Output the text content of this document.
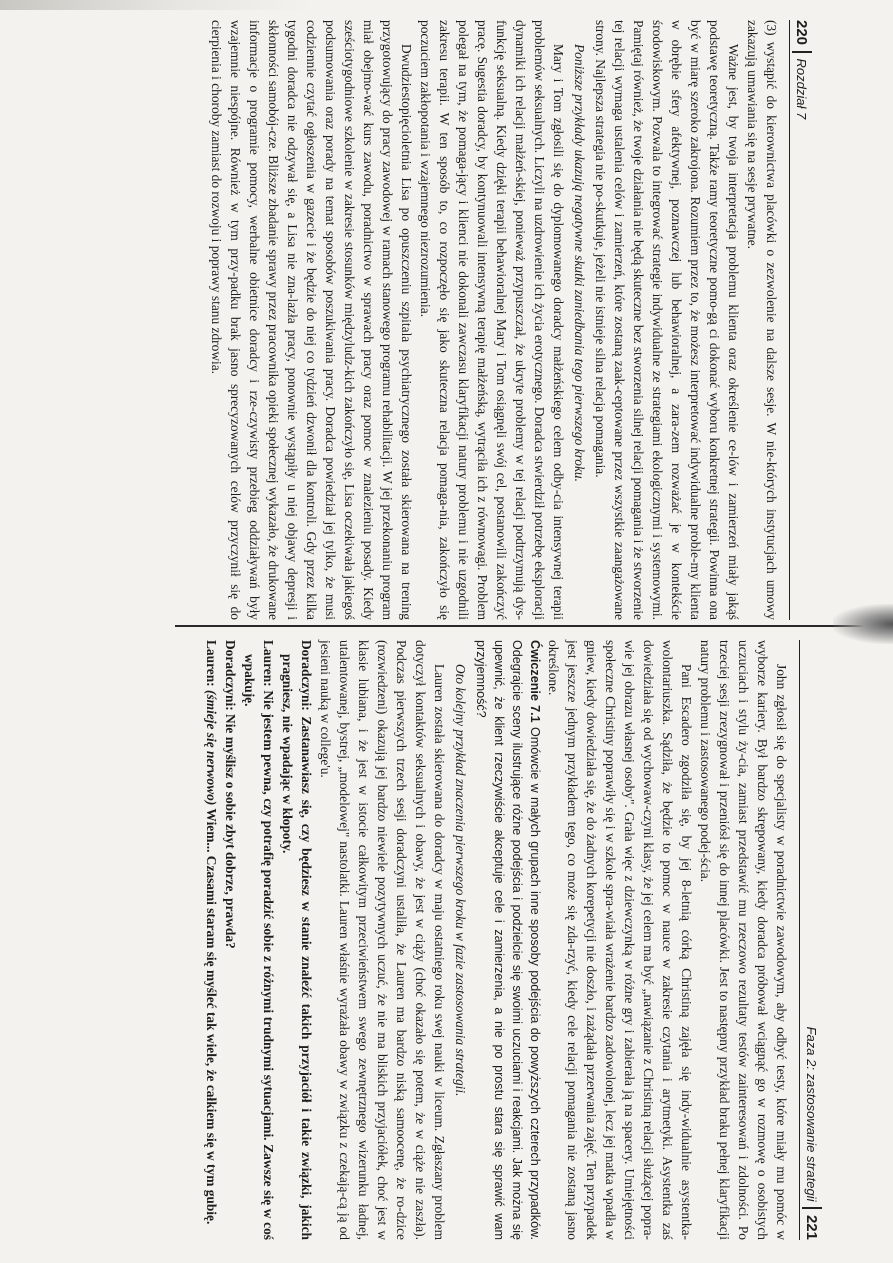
220
Rozdział 7

(3) wystąpić do kierownictwa placówki o zezwolenie na dalsze sesje. W nie-których instytucjach umowy zakazują umawiania się na sesje prywatne.

Ważne jest, by twoja interpretacja problemu klienta oraz określenie ce-lów i zamierzeń miały jakąś podstawę teoretyczną. Także ramy teoretyczne pomo-gą ci dokonać wyboru konkretnej strategii. Powinna ona być w miarę szeroko zakrojona. Rozumiem przez to, że możesz interpretować indywidualne proble-my klienta w obrębie sfery afektywnej, poznawczej lub behawioralnej, a zara-zem rozważać je w kontekście środowiskowym. Pozwala to integrować strategie indywidualne ze strategiami ekologicznymi i systemowymi. Pamiętaj również, że twoje działania nie będą skuteczne bez stworzenia silnej relacji pomagania i że stworzenie tej relacji wymaga ustalenia celów i zamierzeń, które zostaną zaak-ceptowane przez wszystkie zaangażowane strony. Najlepsza strategia nie po-skutkuje, jeżeli nie istnieje silna relacja pomagania.

Poniższe przykłady ukazują negatywne skutki zaniedbania tego pierwszego kroku.

Mary i Tom zgłosili się do dyplomowanego doradcy małżeńskiego celem odby-cia intensywnej terapii problemów seksualnych. Liczyli na uzdrowienie ich życia erotycznego. Doradca stwierdził potrzebę eksploracji dynamiki ich relacji małżeń-skiej, ponieważ przypuszczał, że ukryte problemy w tej relacji podtrzymują dys-funkcję seksualną. Kiedy dzięki terapii behawioralnej Mary i Tom osiągnęli swój cel, postanowili zakończyć pracę. Sugestia doradcy, by kontynuowali intensywną terapię małżeńską, wytrąciła ich z równowagi. Problem polegał na tym, że pomaga-jący i klienci nie dokonali zawczasu klaryfikacji natury problemu i nie uzgodnili zakresu terapii. W ten sposób to, co rozpoczęło się jako skuteczna relacja pomaga-nia, zakończyło się poczuciem zakłopotania i wzajemnego niezrozumienia.

Dwudziestopięcioletnia Lisa po opuszczeniu szpitala psychiatrycznego została skierowana na trening przygotowujący do pracy zawodowej w ramach stanowego programu rehabilitacji. W jej przekonaniu program miał obejmo-wać kurs zawodu, poradnictwo w sprawach pracy oraz pomoc w znalezieniu posady. Kiedy sześciotygodniowe szkolenie w zakresie stosunków międzyludz-kich zakończyło się, Lisa oczekiwała jakiegoś podsumowania oraz porady na temat sposobów poszukiwania pracy. Doradca powiedział jej tylko, że musi codziennie czytać ogłoszenia w gazecie i że będzie do niej co tydzień dzwonił dla kontroli. Gdy przez kilka tygodni doradca nie odzywał się, a Lisa nie zna-lazła pracy, ponownie wystąpiły u niej objawy depresji i skłonności samobój-cze. Bliższe zbadanie sprawy przez pracownika opieki społecznej wykazało, że drukowane informacje o programie pomocy, werbalne obietnice doradcy i rze-czywisty przebieg oddziaływań były wzajemnie niespójne. Również w tym przy-padku brak jasno sprecyzowanych celów przyczynił się do cierpienia i choroby zamiast do rozwoju i poprawy stanu zdrowia.

Faza 2: zastosowanie strategii
221

John zgłosił się do specjalisty w poradnictwie zawodowym, aby odbyć testy, które miały mu pomóc w wyborze kariery. Był bardzo skrępowany, kiedy doradca próbował wciągnąć go w rozmowę o osobistych uczuciach i stylu ży-cia, zamiast przedstawić mu rzeczowo rezultaty testów zainteresowań i zdolności. Po trzeciej sesji zrezygnował i przeniósł się do innej placówki. Jest to następny przykład braku pełnej klaryfikacji natury problemu i zastosowanego podej-ścia.

Pani Escadero zgodziła się, by jej 8-letnią córką Christiną zajęła się indy-widualnie asystentka-wolontariuszka. Sądziła, że będzie to pomoc w nauce w zakresie czytania i arytmetyki. Asystentka zaś dowiedziała się od wychowaw-czyni klasy, że jej celem ma być „nawiązanie z Christiną relacji służącej popra-wie jej obrazu własnej osoby". Grała więc z dziewczynką w różne gry i zabierała ją na spacery. Umiejętności społeczne Christiny poprawiły się i w szkole spra-wiała wrażenie bardzo zadowolonej, lecz jej matka wpadła w gniew, kiedy dowiedziała się, że do żadnych korepetycji nie doszło, i zażądała przerwania zajęć. Ten przypadek jest jeszcze jednym przykładem tego, co może się zda-rzyć, kiedy cele relacji pomagania nie zostaną jasno określone.

Ćwiczenie 7.1 Omówcie w małych grupach inne sposoby podejścia do powyższych czterech przypadków. Odegrajcie sceny ilustrujące różne podejścia i podzielcie się swoimi uczuciami i reakcjami. Jak można się upewnić, że klient rzeczywiście akceptuje cele i zamierzenia, a nie po prostu stara się sprawić wam przyjemność?

Oto kolejny przykład znaczenia pierwszego kroku w fazie zastosowania strategii.

Lauren została skierowana do doradcy w maju ostatniego roku swej nauki w liceum. Zgłaszany problem dotyczył kontaktów seksualnych i obawy, że jest w ciąży (choć okazało się potem, że w ciąże nie zaszła). Podczas pierwszych trzech sesji doradczyni ustaliła, że Lauren ma bardzo niską samoocenę, że ro-dzice (rozwiedzeni) okazują jej bardzo niewiele pozytywnych uczuć, że nie ma bliskich przyjaciółek, choć jest w klasie lubiana, i że jest w istocie całkowitym przeciwieństwem swego zewnętrznego wizerunku ładnej, utalentowanej, bystrej, „modelowej" nastolatki. Lauren właśnie wyrażała obawy w związku z czekają-cą ją od jesieni nauką w college'u.

Doradczyni: Zastanawiasz się, czy będziesz w stanie znaleźć takich przyjaciół i takie związki, jakich pragniesz, nie wpadając w kłopoty.
Lauren: Nie jestem pewna, czy potrafię poradzić sobie z różnymi trudnymi sytuacjami. Zawsze się w coś wpakuję.
Doradczyni: Nie myślisz o sobie zbyt dobrze, prawda?
Lauren: (śmieje się nerwowo) Wiem... Czasami staram się myśleć tak wiele, że całkiem się w tym gubię.
